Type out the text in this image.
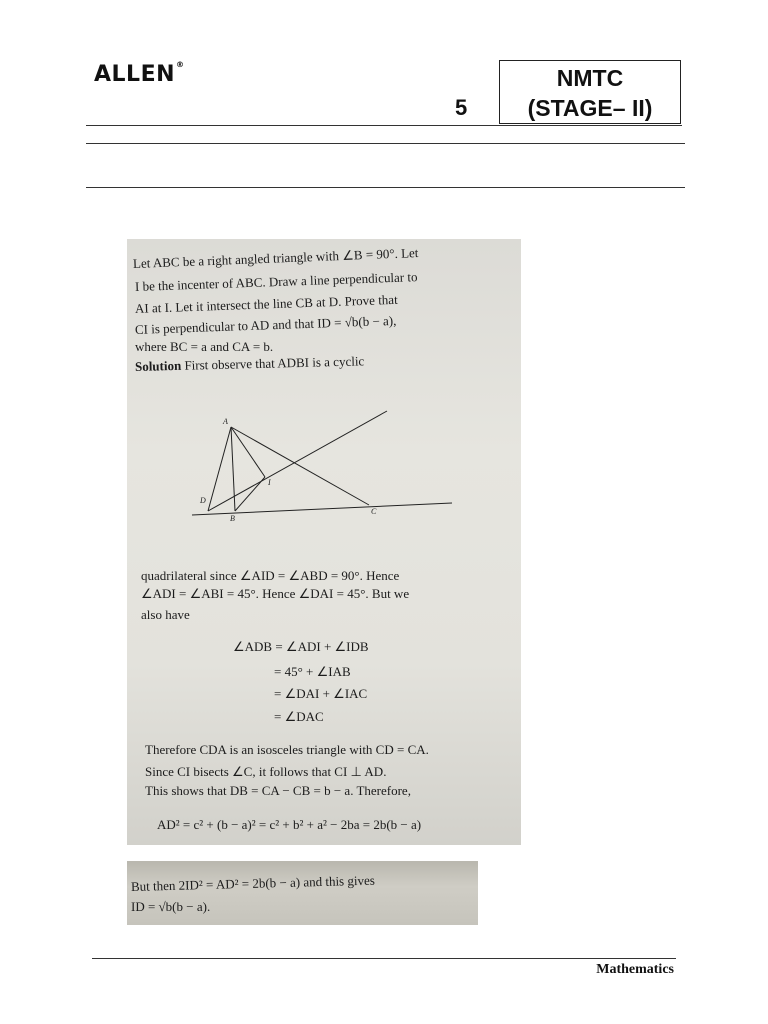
ALLEN®
5
NMTC
(STAGE– II)
Let ABC be a right angled triangle with ∠B = 90°. Let
I be the incenter of ABC. Draw a line perpendicular to
AI at I. Let it intersect the line CB at D. Prove that
CI is perpendicular to AD and that ID = √b(b − a),
where BC = a and CA = b.
Solution First observe that ADBI is a cyclic
A
B
C
D
I
quadrilateral since ∠AID = ∠ABD = 90°. Hence
∠ADI = ∠ABI = 45°. Hence ∠DAI = 45°. But we
also have
∠ADB = ∠ADI + ∠IDB
= 45° + ∠IAB
= ∠DAI + ∠IAC
= ∠DAC
Therefore CDA is an isosceles triangle with CD = CA.
Since CI bisects ∠C, it follows that CI ⊥ AD.
This shows that DB = CA − CB = b − a. Therefore,
AD² = c² + (b − a)² = c² + b² + a² − 2ba = 2b(b − a)
But then 2ID² = AD² = 2b(b − a) and this gives
ID = √b(b − a).
Mathematics
